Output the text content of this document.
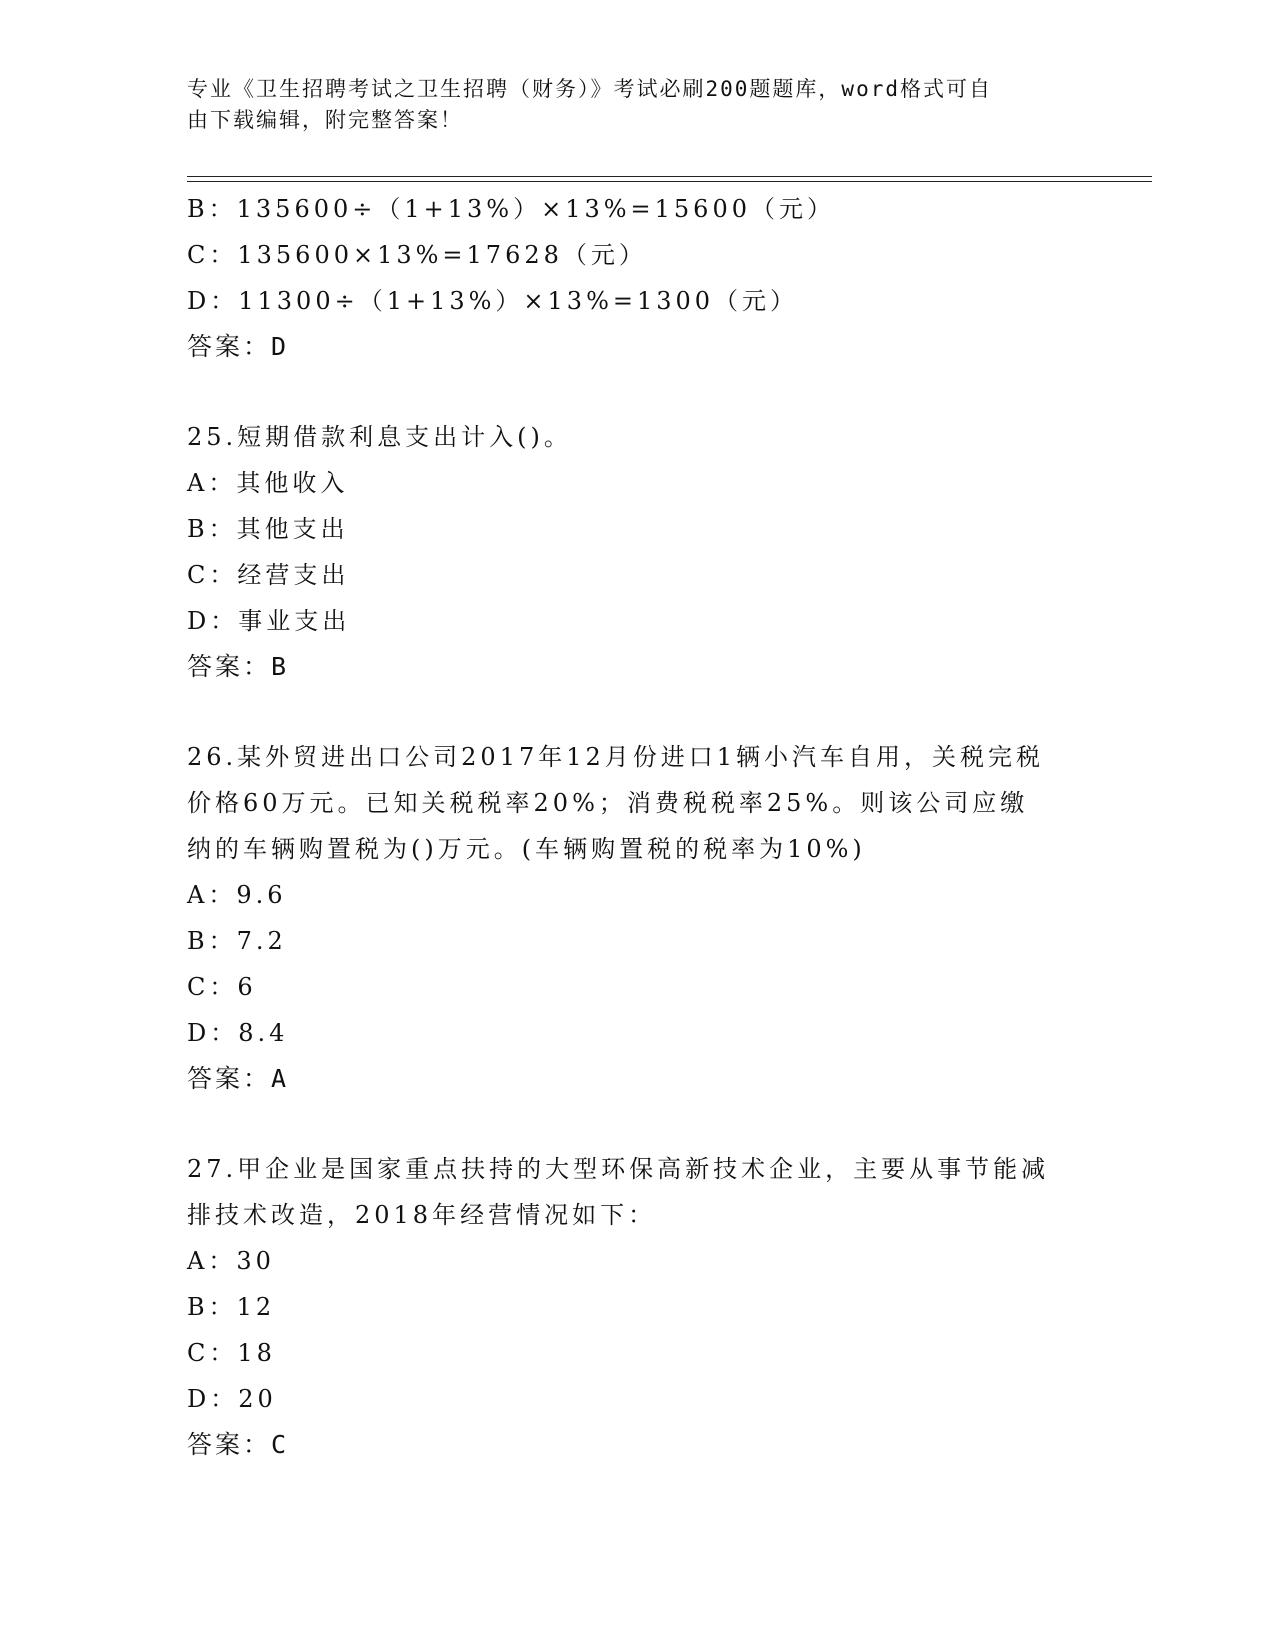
专业《卫生招聘考试之卫生招聘（财务）》考试必刷200题题库，word格式可自
由下载编辑，附完整答案！
B：135600÷（1+13%）×13%=15600（元）
C：135600×13%=17628（元）
D：11300÷（1+13%）×13%=1300（元）
答案：D
25.短期借款利息支出计入()。
A：其他收入
B：其他支出
C：经营支出
D：事业支出
答案：B
26.某外贸进出口公司2017年12月份进口1辆小汽车自用，关税完税
价格60万元。已知关税税率20%；消费税税率25%。则该公司应缴
纳的车辆购置税为()万元。(车辆购置税的税率为10%)
A：9.6
B：7.2
C：6
D：8.4
答案：A
27.甲企业是国家重点扶持的大型环保高新技术企业，主要从事节能减
排技术改造，2018年经营情况如下：
A：30
B：12
C：18
D：20
答案：C
